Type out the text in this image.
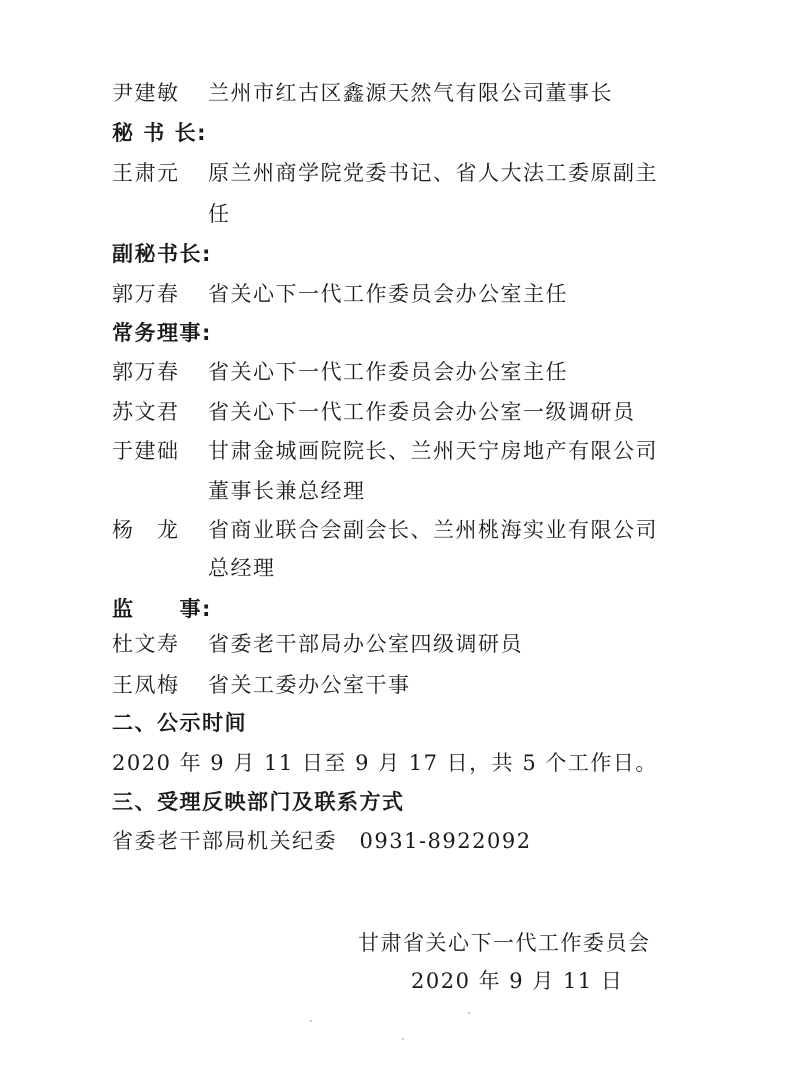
尹建敏 兰州市红古区鑫源天然气有限公司董事长
秘 书 长:
王肃元 原兰州商学院党委书记、省人大法工委原副主
任
副秘书长:
郭万春 省关心下一代工作委员会办公室主任
常务理事:
郭万春 省关心下一代工作委员会办公室主任
苏文君 省关心下一代工作委员会办公室一级调研员
于建础 甘肃金城画院院长、兰州天宁房地产有限公司
董事长兼总经理
杨　龙 省商业联合会副会长、兰州桃海实业有限公司
总经理
监　　事:
杜文寿 省委老干部局办公室四级调研员
王凤梅 省关工委办公室干事
二、公示时间
2020 年 9 月 11 日至 9 月 17 日，共 5 个工作日。
三、受理反映部门及联系方式
省委老干部局机关纪委　0931-8922092
甘肃省关心下一代工作委员会
2020 年 9 月 11 日
